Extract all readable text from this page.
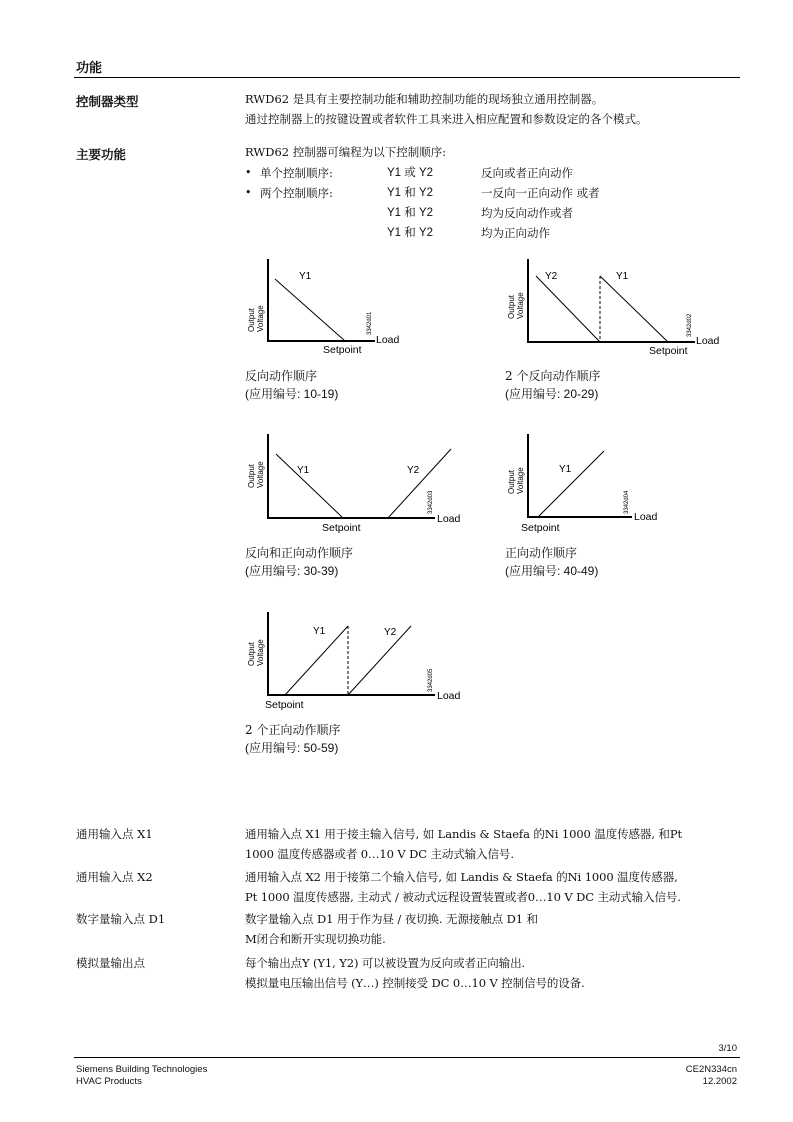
功能
控制器类型	RWD62 是具有主要控制功能和辅助控制功能的现场独立通用控制器。
通过控制器上的按键设置或者软件工具来进入相应配置和参数设定的各个模式。
主要功能	RWD62 控制器可编程为以下控制顺序:
• 单个控制顺序:	Y1 或 Y2	反向或者正向动作
• 两个控制顺序:	Y1 和 Y2	一反向一正向动作 或者
Y1 和 Y2	均为反向动作或者
Y1 和 Y2	均为正向动作
Output Voltage
Y1
Load
Setpoint
3342d01
反向动作顺序
(应用编号: 10-19)
Output Voltage
Y2	Y1
Load
Setpoint
3342d02
2 个反向动作顺序
(应用编号: 20-29)
Output Voltage	Y1	Y2
Load
Setpoint
3342d03
反向和正向动作顺序
(应用编号: 30-39)
Output Voltage	Y1
Load
Setpoint
3342d04
正向动作顺序
(应用编号: 40-49)
Output Voltage
Y1	Y2
Load
Setpoint
3342d05
2 个正向动作顺序
(应用编号: 50-59)
通用输入点 X1	通用输入点 X1 用于接主输入信号, 如 Landis & Staefa 的Ni 1000 温度传感器, 和Pt
1000 温度传感器或者 0…10 V DC 主动式输入信号.
通用输入点 X2	通用输入点 X2 用于接第二个输入信号, 如 Landis & Staefa 的Ni 1000 温度传感器,
Pt 1000 温度传感器, 主动式 / 被动式远程设置装置或者0…10 V DC 主动式输入信号.
数字量输入点 D1	数字量输入点 D1 用于作为昼 / 夜切换. 无源接触点 D1 和
M闭合和断开实现切换功能.
模拟量输出点	每个输出点Y (Y1, Y2) 可以被设置为反向或者正向输出.
模拟量电压输出信号 (Y…) 控制接受 DC 0…10 V 控制信号的设备.
3/10
Siemens Building Technologies
HVAC Products
CE2N334cn
12.2002
